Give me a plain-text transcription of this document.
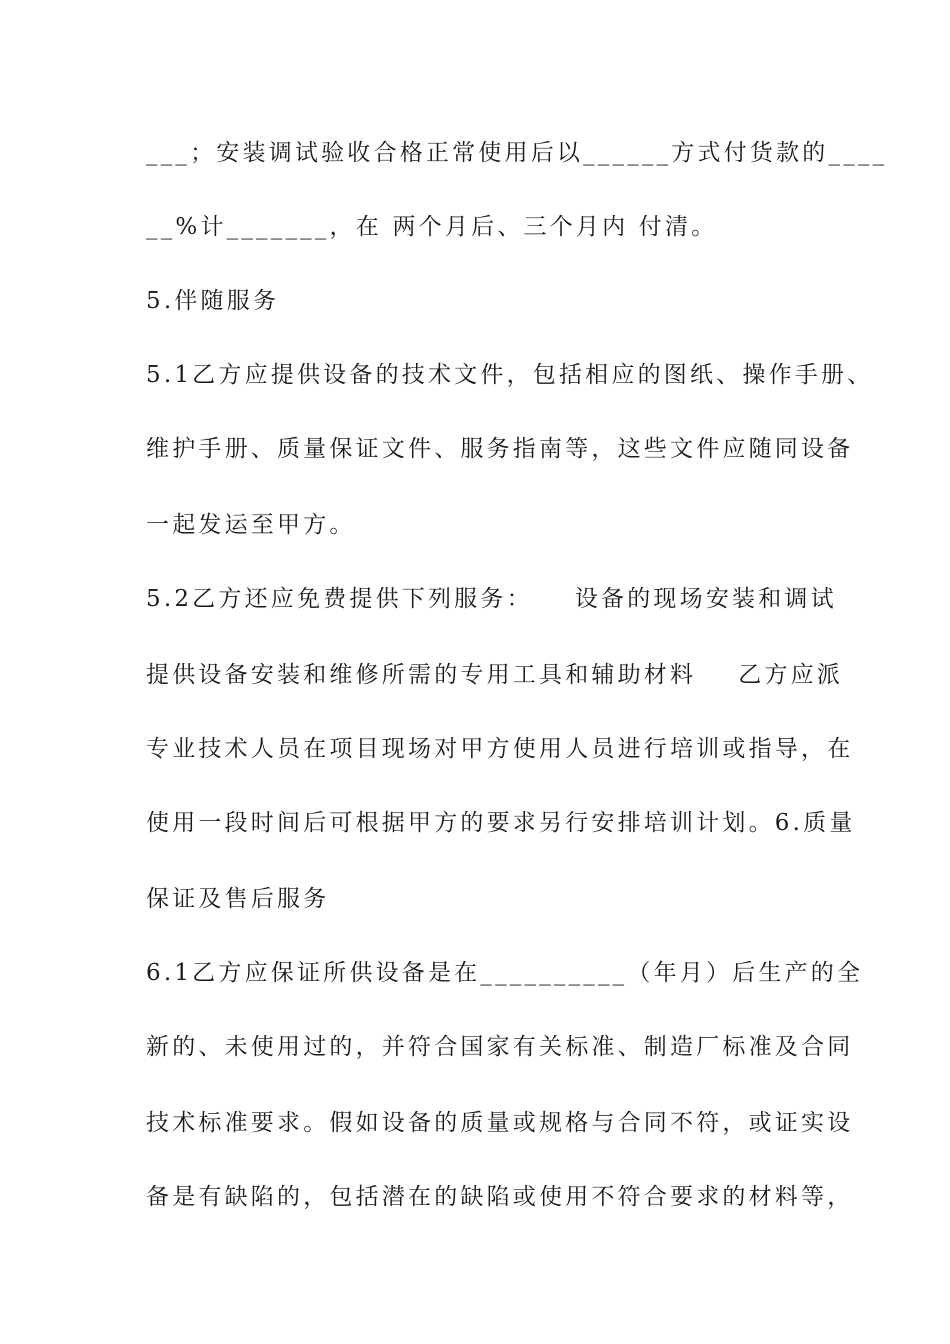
___；安装调试验收合格正常使用后以______方式付货款的____
__%计_______，在 两个月后、三个月内 付清。
5.伴随服务
5.1乙方应提供设备的技术文件，包括相应的图纸、操作手册、
维护手册、质量保证文件、服务指南等，这些文件应随同设备
一起发运至甲方。
5.2乙方还应免费提供下列服务：    设备的现场安装和调试
提供设备安装和维修所需的专用工具和辅助材料    乙方应派
专业技术人员在项目现场对甲方使用人员进行培训或指导，在
使用一段时间后可根据甲方的要求另行安排培训计划。6.质量
保证及售后服务
6.1乙方应保证所供设备是在__________（年月）后生产的全
新的、未使用过的，并符合国家有关标准、制造厂标准及合同
技术标准要求。假如设备的质量或规格与合同不符，或证实设
备是有缺陷的，包括潜在的缺陷或使用不符合要求的材料等，
